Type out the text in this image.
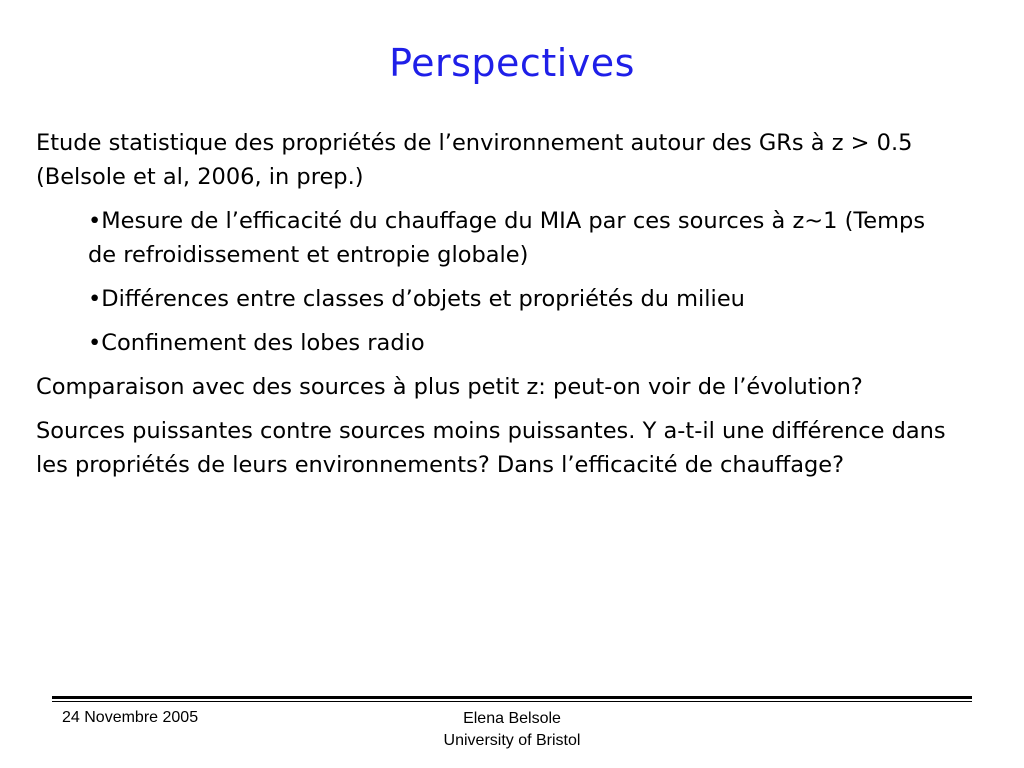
Perspectives

Etude statistique des propriétés de l’environnement autour des GRs à z > 0.5 (Belsole et al, 2006, in prep.)

•Mesure de l’efficacité du chauffage du MIA par ces sources à z~1 (Temps de refroidissement et entropie globale)

•Différences entre classes d’objets et propriétés du milieu

•Confinement des lobes radio

Comparaison avec des sources à plus petit z: peut-on voir de l’évolution?

Sources puissantes contre sources moins puissantes. Y a-t-il une différence dans les propriétés de leurs environnements? Dans l’efficacité de chauffage?

24 Novembre 2005	Elena Belsole
University of Bristol
